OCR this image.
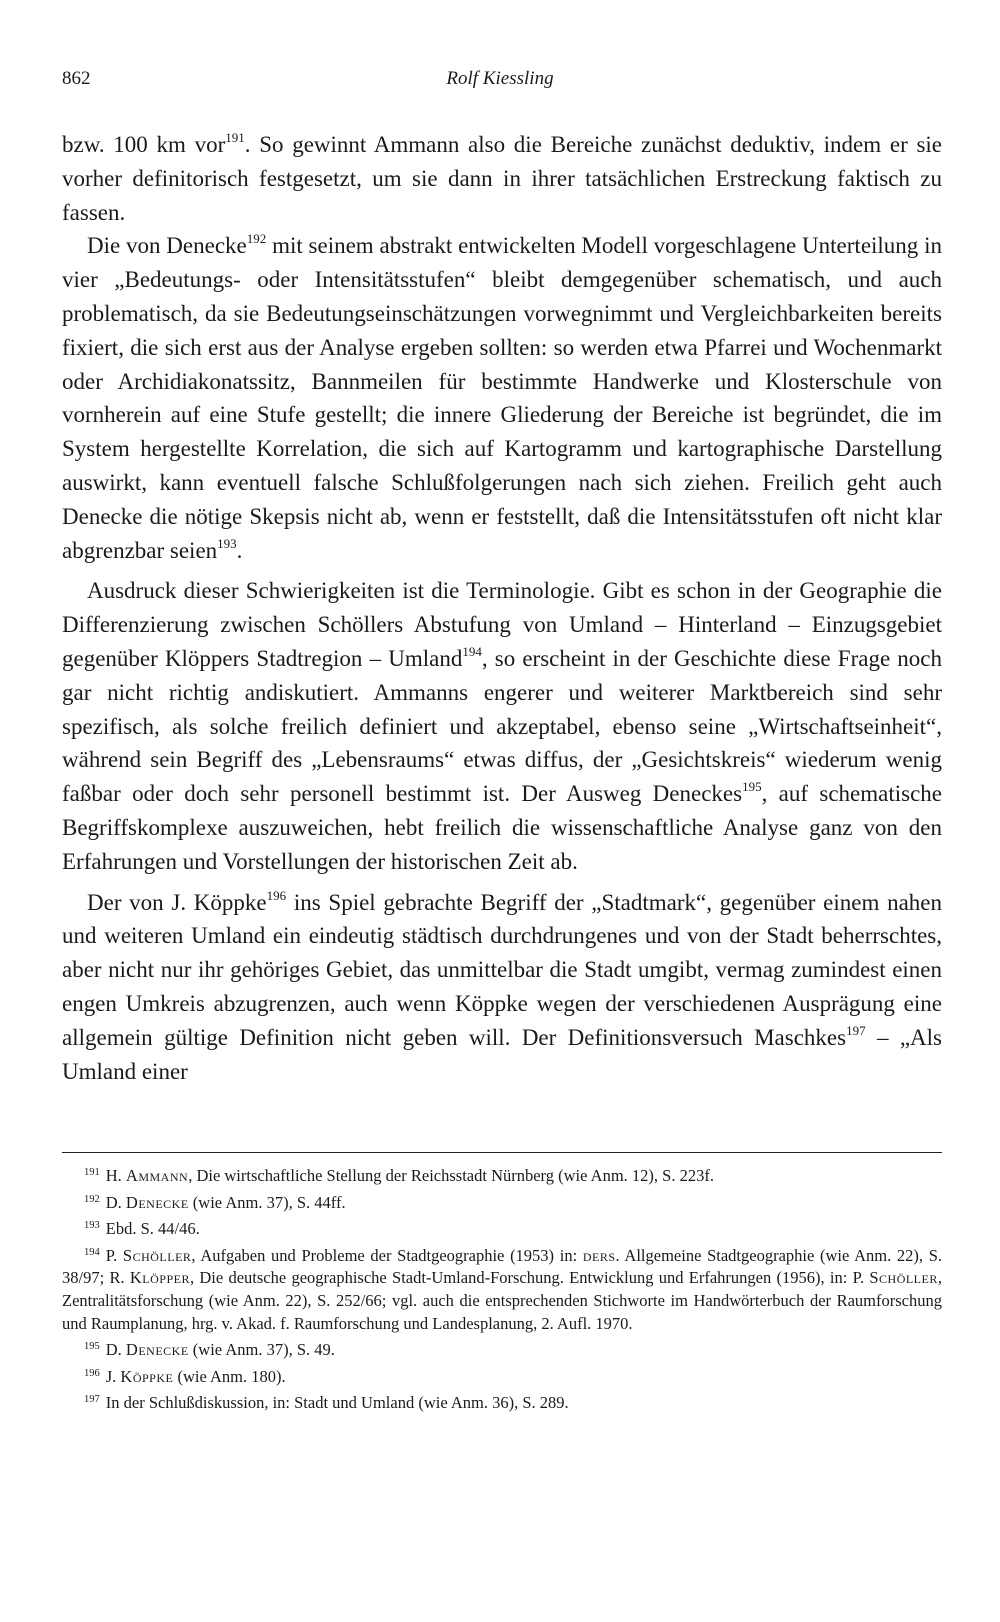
862	Rolf Kiessling

bzw. 100 km vor$^{191}$. So gewinnt Ammann also die Bereiche zunächst deduktiv, indem er sie vorher definitorisch festgesetzt, um sie dann in ihrer tatsächlichen Erstreckung faktisch zu fassen.

Die von Denecke$^{192}$ mit seinem abstrakt entwickelten Modell vorgeschlagene Unterteilung in vier „Bedeutungs- oder Intensitätsstufen“ bleibt demgegenüber schematisch, und auch problematisch, da sie Bedeutungseinschätzungen vorwegnimmt und Vergleichbarkeiten bereits fixiert, die sich erst aus der Analyse ergeben sollten: so werden etwa Pfarrei und Wochenmarkt oder Archidiakonatssitz, Bannmeilen für bestimmte Handwerke und Klosterschule von vornherein auf eine Stufe gestellt; die innere Gliederung der Bereiche ist begründet, die im System hergestellte Korrelation, die sich auf Kartogramm und kartographische Darstellung auswirkt, kann eventuell falsche Schlußfolgerungen nach sich ziehen. Freilich geht auch Denecke die nötige Skepsis nicht ab, wenn er feststellt, daß die Intensitätsstufen oft nicht klar abgrenzbar seien$^{193}$.

Ausdruck dieser Schwierigkeiten ist die Terminologie. Gibt es schon in der Geographie die Differenzierung zwischen Schöllers Abstufung von Umland – Hinterland – Einzugsgebiet gegenüber Klöppers Stadtregion – Umland$^{194}$, so erscheint in der Geschichte diese Frage noch gar nicht richtig andiskutiert. Ammanns engerer und weiterer Marktbereich sind sehr spezifisch, als solche freilich definiert und akzeptabel, ebenso seine „Wirtschaftseinheit“, während sein Begriff des „Lebensraums“ etwas diffus, der „Gesichtskreis“ wiederum wenig faßbar oder doch sehr personell bestimmt ist. Der Ausweg Deneckes$^{195}$, auf schematische Begriffskomplexe auszuweichen, hebt freilich die wissenschaftliche Analyse ganz von den Erfahrungen und Vorstellungen der historischen Zeit ab.

Der von J. Köppke$^{196}$ ins Spiel gebrachte Begriff der „Stadtmark“, gegenüber einem nahen und weiteren Umland ein eindeutig städtisch durchdrungenes und von der Stadt beherrschtes, aber nicht nur ihr gehöriges Gebiet, das unmittelbar die Stadt umgibt, vermag zumindest einen engen Umkreis abzugrenzen, auch wenn Köppke wegen der verschiedenen Ausprägung eine allgemein gültige Definition nicht geben will. Der Definitionsversuch Maschkes$^{197}$ – „Als Umland einer

$^{191}$ H. Ammann, Die wirtschaftliche Stellung der Reichsstadt Nürnberg (wie Anm. 12), S. 223f.
$^{192}$ D. Denecke (wie Anm. 37), S. 44ff.
$^{193}$ Ebd. S. 44/46.
$^{194}$ P. Schöller, Aufgaben und Probleme der Stadtgeographie (1953) in: ders. Allgemeine Stadtgeographie (wie Anm. 22), S. 38/97; R. Klöpper, Die deutsche geographische Stadt-Umland-Forschung. Entwicklung und Erfahrungen (1956), in: P. Schöller, Zentralitätsforschung (wie Anm. 22), S. 252/66; vgl. auch die entsprechenden Stichworte im Handwörterbuch der Raumforschung und Raumplanung, hrg. v. Akad. f. Raumforschung und Landesplanung, 2. Aufl. 1970.
$^{195}$ D. Denecke (wie Anm. 37), S. 49.
$^{196}$ J. Köppke (wie Anm. 180).
$^{197}$ In der Schlußdiskussion, in: Stadt und Umland (wie Anm. 36), S. 289.
